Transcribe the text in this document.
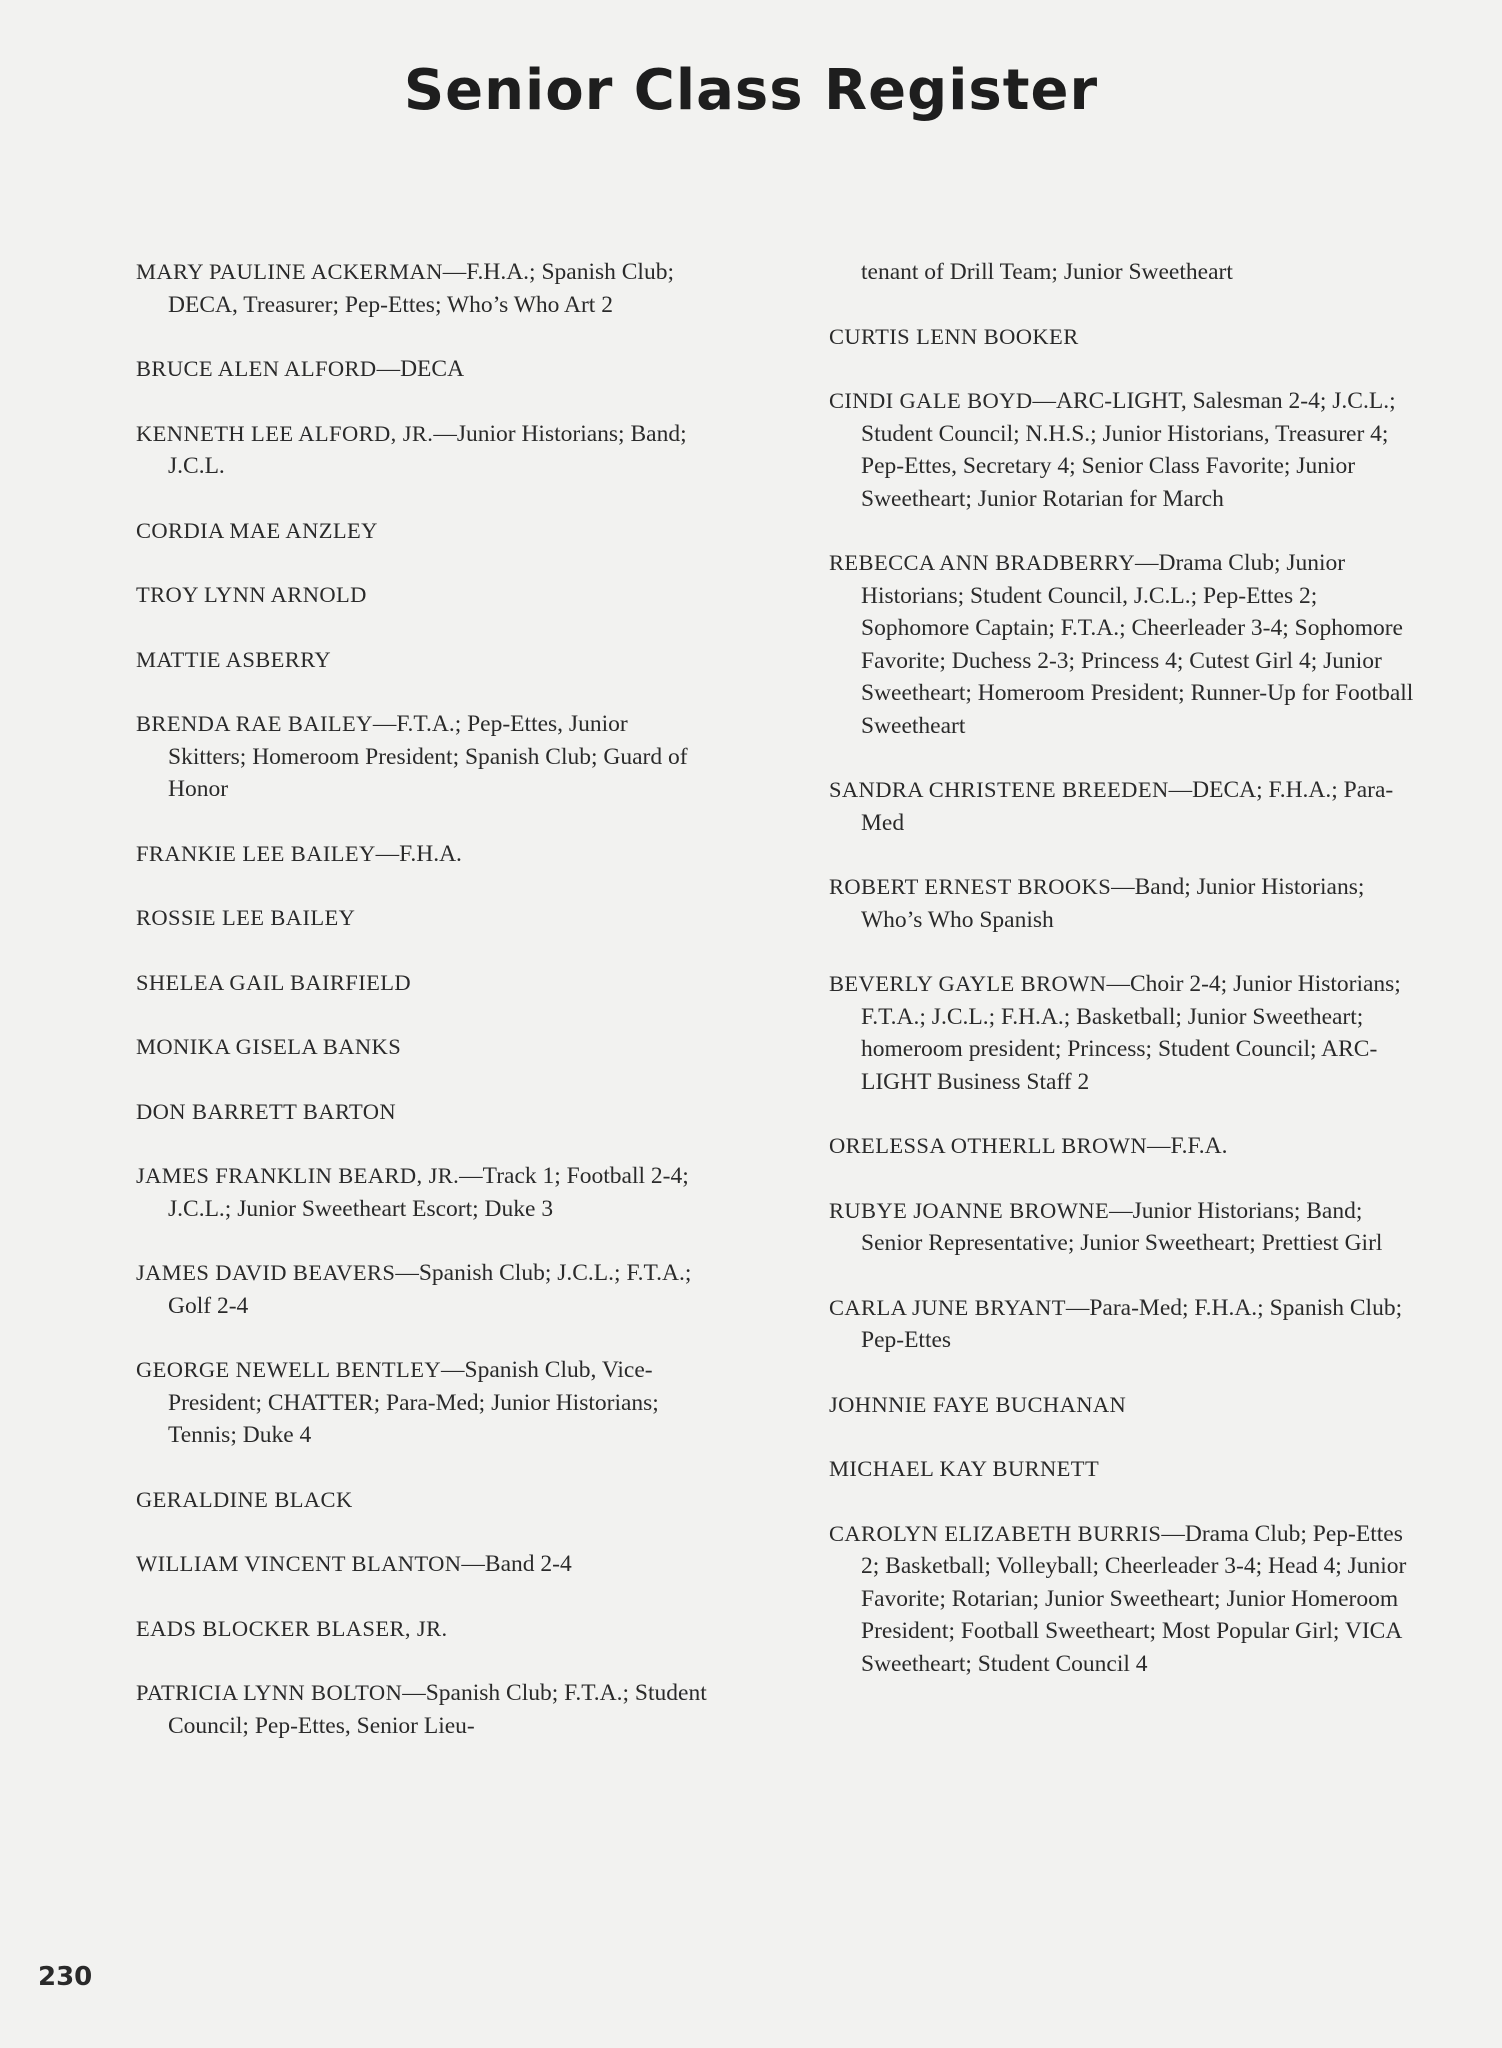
Senior Class Register
MARY PAULINE ACKERMAN—F.H.A.; Spanish Club; DECA, Treasurer; Pep-Ettes; Who’s Who Art 2
BRUCE ALEN ALFORD—DECA
KENNETH LEE ALFORD, JR.—Junior Historians; Band; J.C.L.
CORDIA MAE ANZLEY
TROY LYNN ARNOLD
MATTIE ASBERRY
BRENDA RAE BAILEY—F.T.A.; Pep-Ettes, Junior Skitters; Homeroom President; Spanish Club; Guard of Honor
FRANKIE LEE BAILEY—F.H.A.
ROSSIE LEE BAILEY
SHELEA GAIL BAIRFIELD
MONIKA GISELA BANKS
DON BARRETT BARTON
JAMES FRANKLIN BEARD, JR.—Track 1; Football 2-4; J.C.L.; Junior Sweetheart Escort; Duke 3
JAMES DAVID BEAVERS—Spanish Club; J.C.L.; F.T.A.; Golf 2-4
GEORGE NEWELL BENTLEY—Spanish Club, Vice-President; CHATTER; Para-Med; Junior Historians; Tennis; Duke 4
GERALDINE BLACK
WILLIAM VINCENT BLANTON—Band 2-4
EADS BLOCKER BLASER, JR.
PATRICIA LYNN BOLTON—Spanish Club; F.T.A.; Student Council; Pep-Ettes, Senior Lieu-
tenant of Drill Team; Junior Sweetheart
CURTIS LENN BOOKER
CINDI GALE BOYD—ARC-LIGHT, Salesman 2-4; J.C.L.; Student Council; N.H.S.; Junior Historians, Treasurer 4; Pep-Ettes, Secretary 4; Senior Class Favorite; Junior Sweetheart; Junior Rotarian for March
REBECCA ANN BRADBERRY—Drama Club; Junior Historians; Student Council, J.C.L.; Pep-Ettes 2; Sophomore Captain; F.T.A.; Cheerleader 3-4; Sophomore Favorite; Duchess 2-3; Princess 4; Cutest Girl 4; Junior Sweetheart; Homeroom President; Runner-Up for Football Sweetheart
SANDRA CHRISTENE BREEDEN—DECA; F.H.A.; Para-Med
ROBERT ERNEST BROOKS—Band; Junior Historians; Who’s Who Spanish
BEVERLY GAYLE BROWN—Choir 2-4; Junior Historians; F.T.A.; J.C.L.; F.H.A.; Basketball; Junior Sweetheart; homeroom president; Princess; Student Council; ARC-LIGHT Business Staff 2
ORELESSA OTHERLL BROWN—F.F.A.
RUBYE JOANNE BROWNE—Junior Historians; Band; Senior Representative; Junior Sweetheart; Prettiest Girl
CARLA JUNE BRYANT—Para-Med; F.H.A.; Spanish Club; Pep-Ettes
JOHNNIE FAYE BUCHANAN
MICHAEL KAY BURNETT
CAROLYN ELIZABETH BURRIS—Drama Club; Pep-Ettes 2; Basketball; Volleyball; Cheerleader 3-4; Head 4; Junior Favorite; Rotarian; Junior Sweetheart; Junior Homeroom President; Football Sweetheart; Most Popular Girl; VICA Sweetheart; Student Council 4
230
